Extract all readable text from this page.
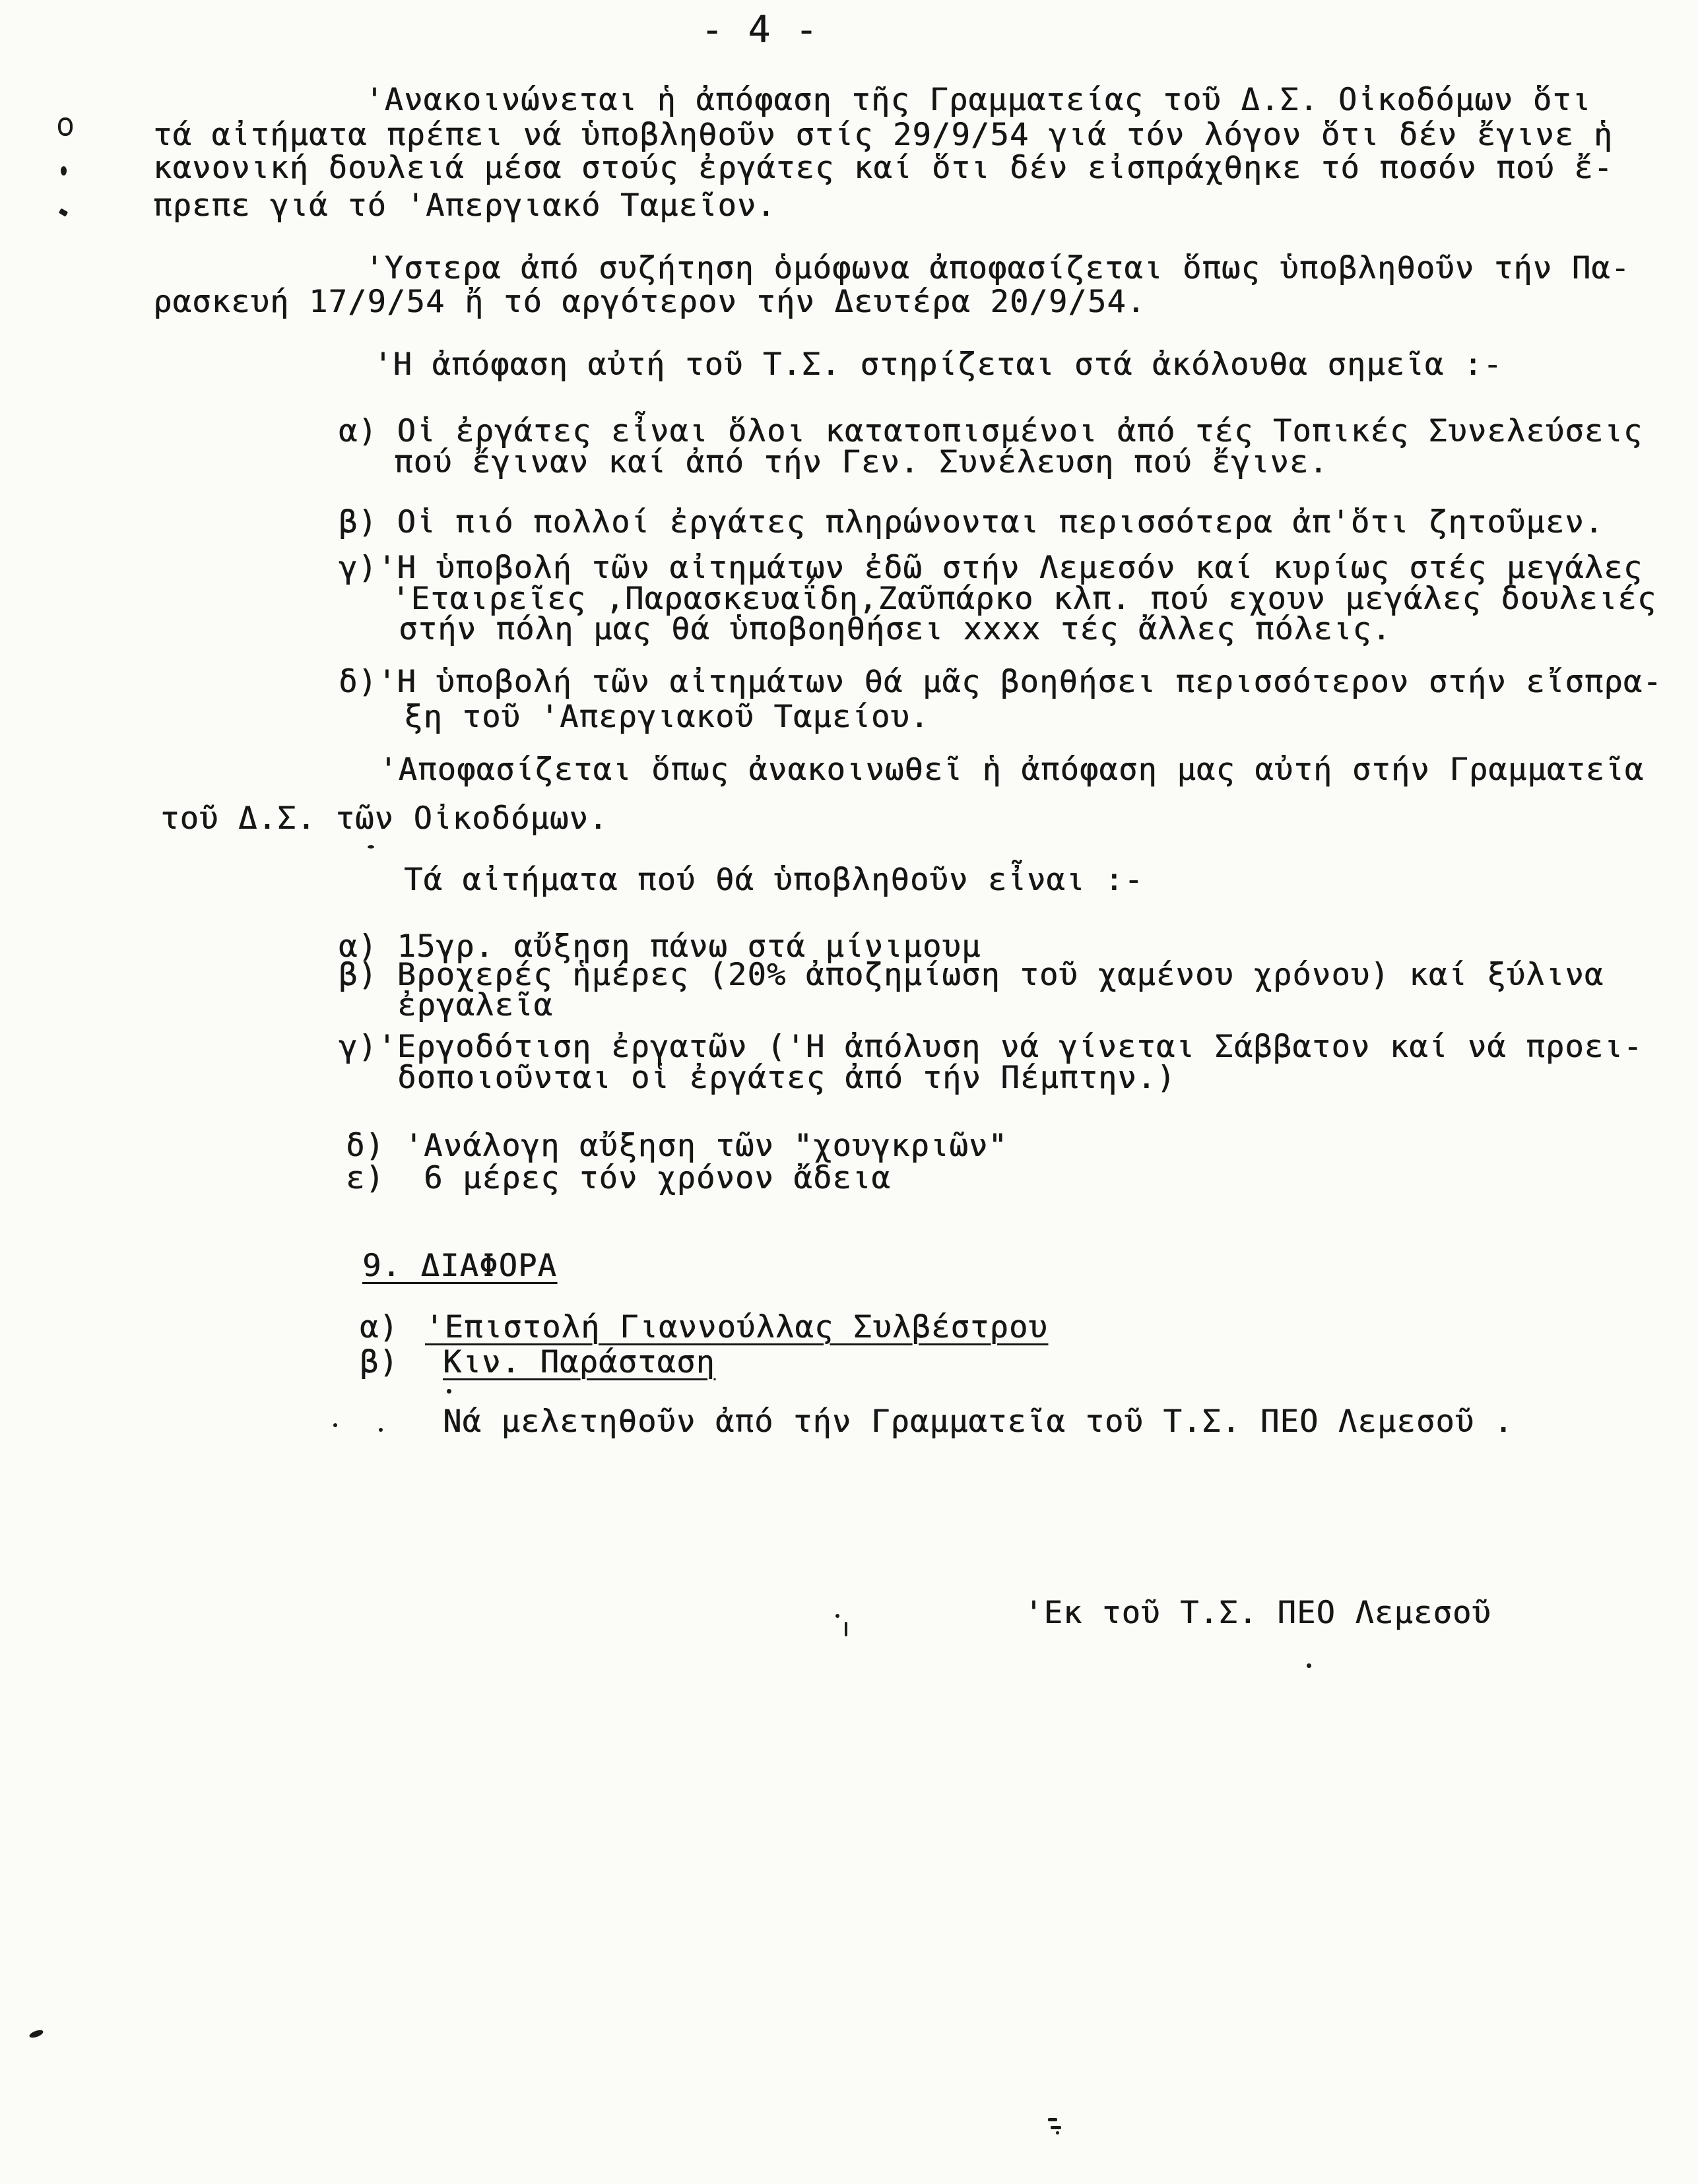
- 4 -
'Ανακοινώνεται ἡ ἀπόφαση τῆς Γραμματείας τοῦ Δ.Σ. Οἰκοδόμων ὅτι
τά αἰτήματα πρέπει νά ὑποβληθοῦν στίς 29/9/54 γιά τόν λόγον ὅτι δέν ἔγινε ἡ
κανονική δουλειά μέσα στούς ἐργάτες καί ὅτι δέν εἰσπράχθηκε τό ποσόν πού ἔ-
πρεπε γιά τό 'Απεργιακό Ταμεῖον.
'Υστερα ἀπό συζήτηση ὁμόφωνα ἀποφασίζεται ὅπως ὑποβληθοῦν τήν Πα-
ρασκευή 17/9/54 ἤ τό αργότερον τήν Δευτέρα 20/9/54.
'Η ἀπόφαση αὐτή τοῦ Τ.Σ. στηρίζεται στά ἀκόλουθα σημεῖα :-
α) Οἱ ἐργάτες εἶναι ὅλοι κατατοπισμένοι ἀπό τές Τοπικές Συνελεύσεις
πού ἔγιναν καί ἀπό τήν Γεν. Συνέλευση πού ἔγινε.
β) Οἱ πιό πολλοί ἐργάτες πληρώνονται περισσότερα ἀπ'ὅτι ζητοῦμεν.
γ)'Η ὑποβολή τῶν αἰτημάτων ἐδῶ στήν Λεμεσόν καί κυρίως στές μεγάλες
'Εταιρεῖες ,Παρασκευαΐδη,Ζαῦπάρκο κλπ. πού εχουν μεγάλες δουλειές
στήν πόλη μας θά ὑποβοηθήσει xxxx τές ἄλλες πόλεις.
δ)'Η ὑποβολή τῶν αἰτημάτων θά μᾶς βοηθήσει περισσότερον στήν εἴσπρα-
ξη τοῦ 'Απεργιακοῦ Ταμείου.
'Αποφασίζεται ὅπως ἀνακοινωθεῖ ἡ ἀπόφαση μας αὐτή στήν Γραμματεῖα
τοῦ Δ.Σ. τῶν Οἰκοδόμων.
Τά αἰτήματα πού θά ὑποβληθοῦν εἶναι :-
α) 15γρ. αὔξηση πάνω στά μίνιμουμ
β) Βροχερές ἡμέρες (20% ἀποζημίωση τοῦ χαμένου χρόνου) καί ξύλινα
ἐργαλεῖα
γ)'Εργοδότιση ἐργατῶν ('Η ἀπόλυση νά γίνεται Σάββατον καί νά προει-
δοποιοῦνται οἱ ἐργάτες ἀπό τήν Πέμπτην.)
δ) 'Ανάλογη αὔξηση τῶν "χουγκριῶν"
ε)  6 μέρες τόν χρόνον ἄδεια
9. ΔΙΑΦΟΡΑ
α) 'Επιστολή Γιαννούλλας Συλβέστρου
β) Κιν. Παράσταση
Νά μελετηθοῦν ἀπό τήν Γραμματεῖα τοῦ Τ.Σ. ΠΕΟ Λεμεσοῦ .
'Εκ τοῦ Τ.Σ. ΠΕΟ Λεμεσοῦ
